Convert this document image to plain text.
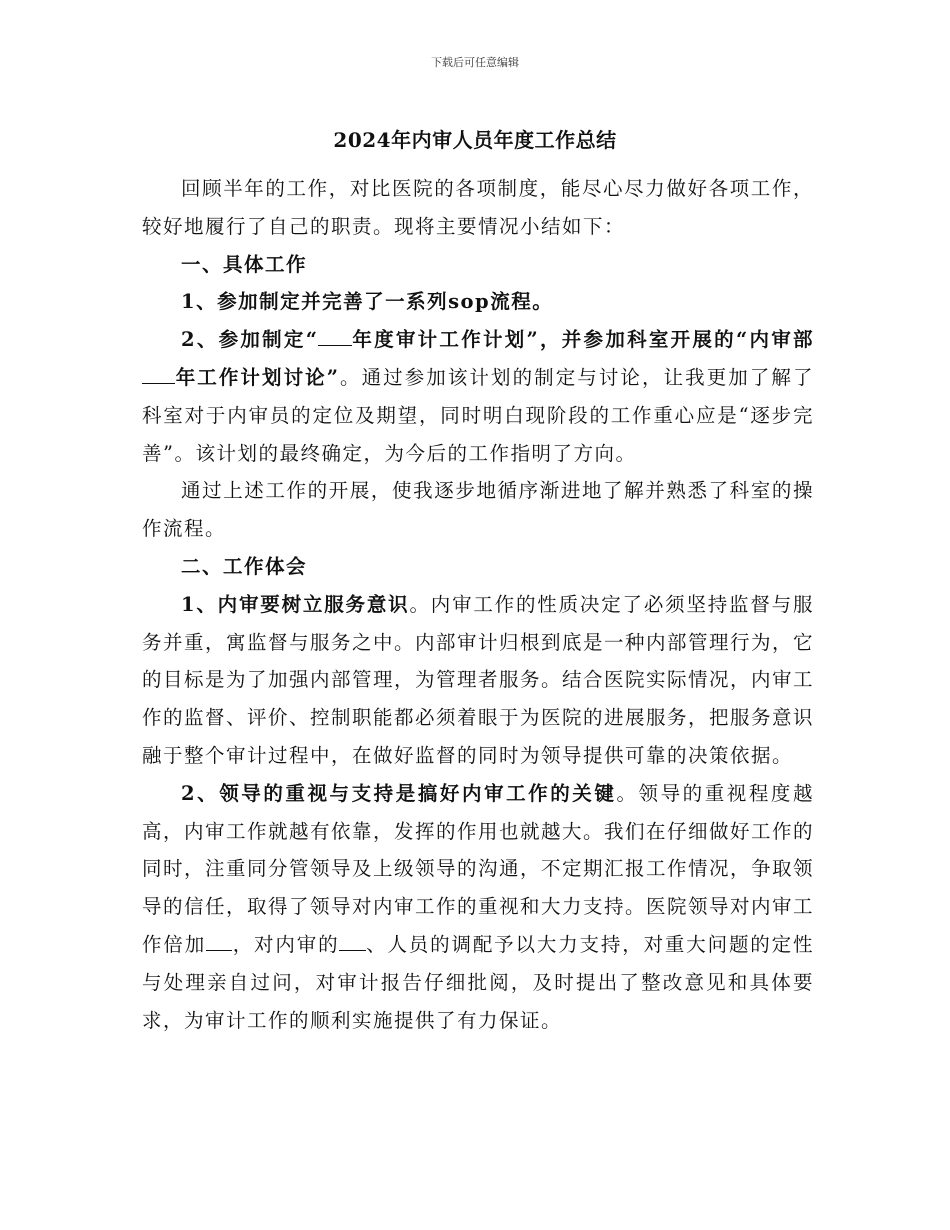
下载后可任意编辑
2024年内审人员年度工作总结

回顾半年的工作，对比医院的各项制度，能尽心尽力做好各项工作，较好地履行了自己的职责。现将主要情况小结如下：

一、具体工作

1、参加制定并完善了一系列sop流程。

2、参加制定“ 年度审计工作计划”，并参加科室开展的“内审部年工作计划讨论”。通过参加该计划的制定与讨论，让我更加了解了科室对于内审员的定位及期望，同时明白现阶段的工作重心应是“逐步完善”。该计划的最终确定，为今后的工作指明了方向。

通过上述工作的开展，使我逐步地循序渐进地了解并熟悉了科室的操作流程。

二、工作体会

1、内审要树立服务意识。内审工作的性质决定了必须坚持监督与服务并重，寓监督与服务之中。内部审计归根到底是一种内部管理行为，它的目标是为了加强内部管理，为管理者服务。结合医院实际情况，内审工作的监督、评价、控制职能都必须着眼于为医院的进展服务，把服务意识融于整个审计过程中，在做好监督的同时为领导提供可靠的决策依据。

2、领导的重视与支持是搞好内审工作的关键。领导的重视程度越高，内审工作就越有依靠，发挥的作用也就越大。我们在仔细做好工作的同时，注重同分管领导及上级领导的沟通，不定期汇报工作情况，争取领导的信任，取得了领导对内审工作的重视和大力支持。医院领导对内审工作倍加 ，对内审的 、人员的调配予以大力支持，对重大问题的定性与处理亲自过问，对审计报告仔细批阅，及时提出了整改意见和具体要求，为审计工作的顺利实施提供了有力保证。
